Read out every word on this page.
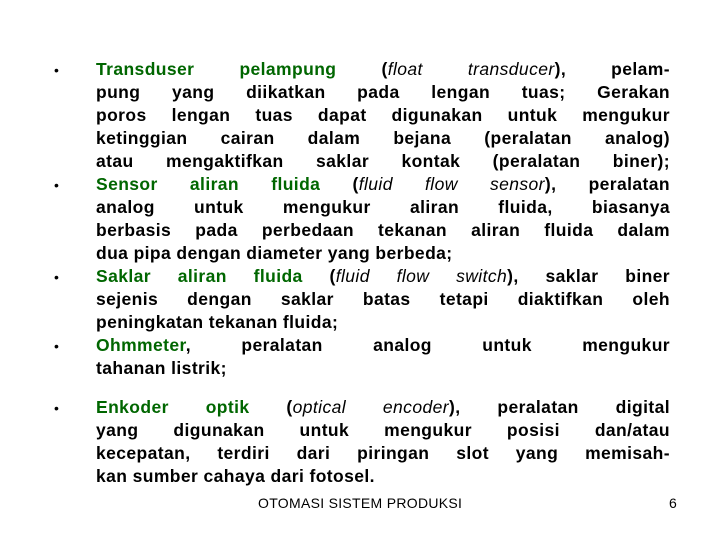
• Transduser pelampung (float transducer), pelam-
pung yang diikatkan pada lengan tuas; Gerakan
poros lengan tuas dapat digunakan untuk mengukur
ketinggian cairan dalam bejana (peralatan analog)
atau mengaktifkan saklar kontak (peralatan biner);
• Sensor aliran fluida (fluid flow sensor), peralatan
analog untuk mengukur aliran fluida, biasanya
berbasis pada perbedaan tekanan aliran fluida dalam
dua pipa dengan diameter yang berbeda;
• Saklar aliran fluida (fluid flow switch), saklar biner
sejenis dengan saklar batas tetapi diaktifkan oleh
peningkatan tekanan fluida;
• Ohmmeter, peralatan analog untuk mengukur
tahanan listrik;
• Enkoder optik (optical encoder), peralatan digital
yang digunakan untuk mengukur posisi dan/atau
kecepatan, terdiri dari piringan slot yang memisah-
kan sumber cahaya dari fotosel.
OTOMASI SISTEM PRODUKSI	6
